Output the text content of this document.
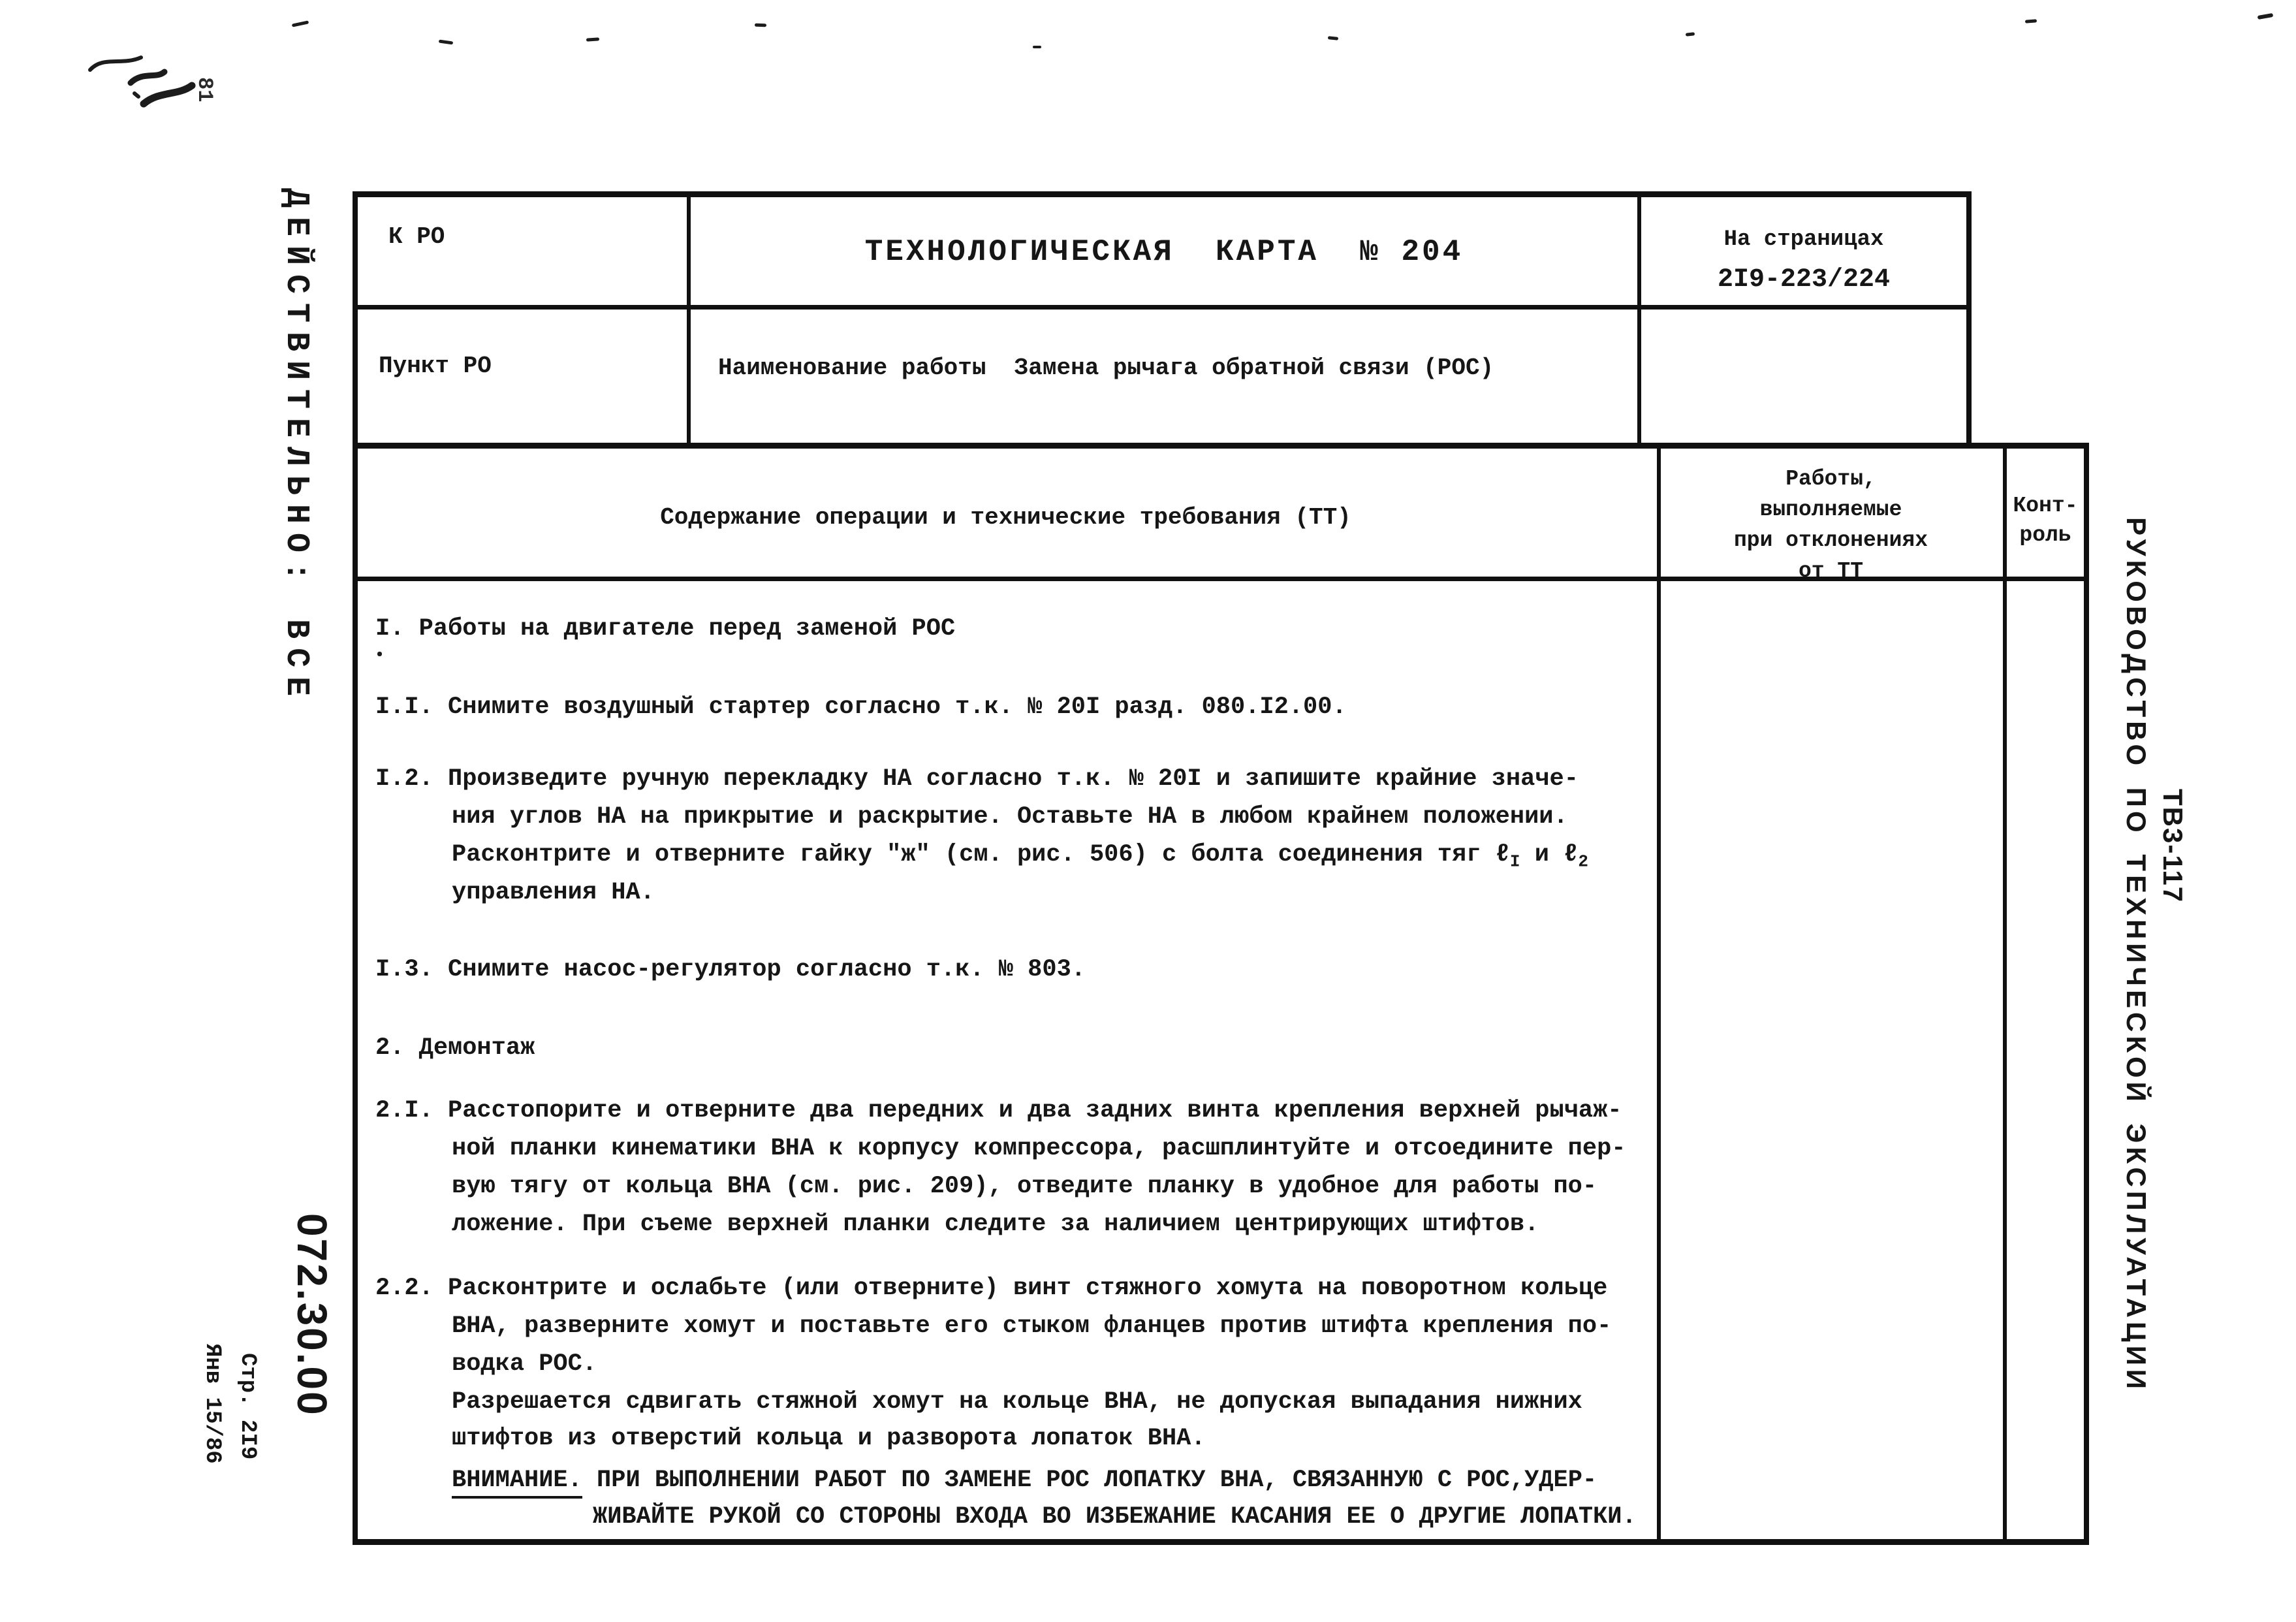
ДЕЙСТВИТЕЛЬНО: ВСЕ
81
РУКОВОДСТВО ПО ТЕХНИЧЕСКОЙ ЭКСПЛУАТАЦИИ ТВ3-117
072.30.00
Стр. 2I9
Янв 15/86
К РО
Пункт РО
ТЕХНОЛОГИЧЕСКАЯ  КАРТА  № 204	На страницах
2I9-223/224
Наименование работы  Замена рычага обратной связи (РОС)
Содержание операции и технические требования (ТТ)
Работы,
выполняемые
при отклонениях
от ТТ
Конт-
роль
I. Работы на двигателе перед заменой РОС
I.I. Снимите воздушный стартер согласно т.к. № 20I разд. 080.I2.00.
I.2. Произведите ручную перекладку НА согласно т.к. № 20I и запишите крайние значе-
ния углов НА на прикрытие и раскрытие. Оставьте НА в любом крайнем положении.
Расконтрите и отверните гайку "ж" (см. рис. 506) с болта соединения тяг ℓ$_I$ и ℓ$_2$
управления НА.
I.3. Снимите насос-регулятор согласно т.к. № 803.
2. Демонтаж
2.I. Расстопорите и отверните два передних и два задних винта крепления верхней рычаж-
ной планки кинематики ВНА к корпусу компрессора, расшплинтуйте и отсоедините пер-
вую тягу от кольца ВНА (см. рис. 209), отведите планку в удобное для работы по-
ложение. При съеме верхней планки следите за наличием центрирующих штифтов.
2.2. Расконтрите и ослабьте (или отверните) винт стяжного хомута на поворотном кольце
ВНА, разверните хомут и поставьте его стыком фланцев против штифта крепления по-
водка РОС.
Разрешается сдвигать стяжной хомут на кольце ВНА, не допуская выпадания нижних
штифтов из отверстий кольца и разворота лопаток ВНА.
ВНИМАНИЕ. ПРИ ВЫПОЛНЕНИИ РАБОТ ПО ЗАМЕНЕ РОС ЛОПАТКУ ВНА, СВЯЗАННУЮ С РОС,УДЕР-
ЖИВАЙТЕ РУКОЙ СО СТОРОНЫ ВХОДА ВО ИЗБЕЖАНИЕ КАСАНИЯ ЕЕ О ДРУГИЕ ЛОПАТКИ.
